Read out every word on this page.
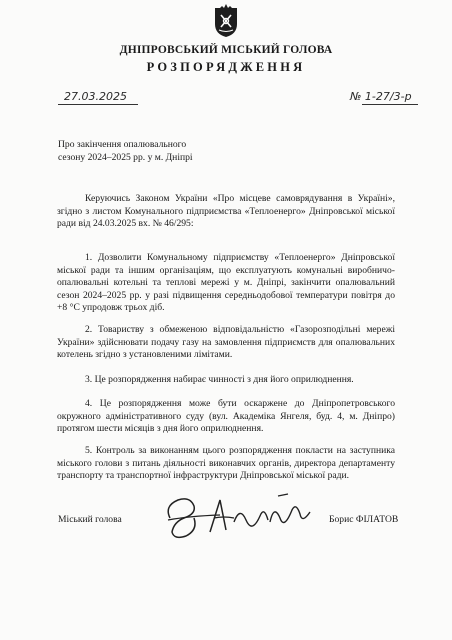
ДНІПРОВСЬКИЙ МІСЬКИЙ ГОЛОВА
РОЗПОРЯДЖЕННЯ
27.03.2025	№ 1-27/3-р
Про закінчення опалювального
сезону 2024–2025 рр. у м. Дніпрі
Керуючись Законом України «Про місцеве самоврядування в Україні», згідно з листом Комунального підприємства «Теплоенерго» Дніпровської міської ради від 24.03.2025 вх. № 46/295:
1. Дозволити Комунальному підприємству «Теплоенерго» Дніпровської міської ради та іншим організаціям, що експлуатують комунальні виробничо-опалювальні котельні та теплові мережі у м. Дніпрі, закінчити опалювальний сезон 2024–2025 рр. у разі підвищення середньодобової температури повітря до +8 °С упродовж трьох діб.
2. Товариству з обмеженою відповідальністю «Газорозподільні мережі України» здійснювати подачу газу на замовлення підприємств для опалювальних котелень згідно з установленими лімітами.
3. Це розпорядження набирає чинності з дня його оприлюднення.
4. Це розпорядження може бути оскаржене до Дніпропетровського окружного адміністративного суду (вул. Академіка Янгеля, буд. 4, м. Дніпро) протягом шести місяців з дня його оприлюднення.
5. Контроль за виконанням цього розпорядження покласти на заступника міського голови з питань діяльності виконавчих органів, директора департаменту транспорту та транспортної інфраструктури Дніпровської міської ради.
Міський голова	Борис ФІЛАТОВ
